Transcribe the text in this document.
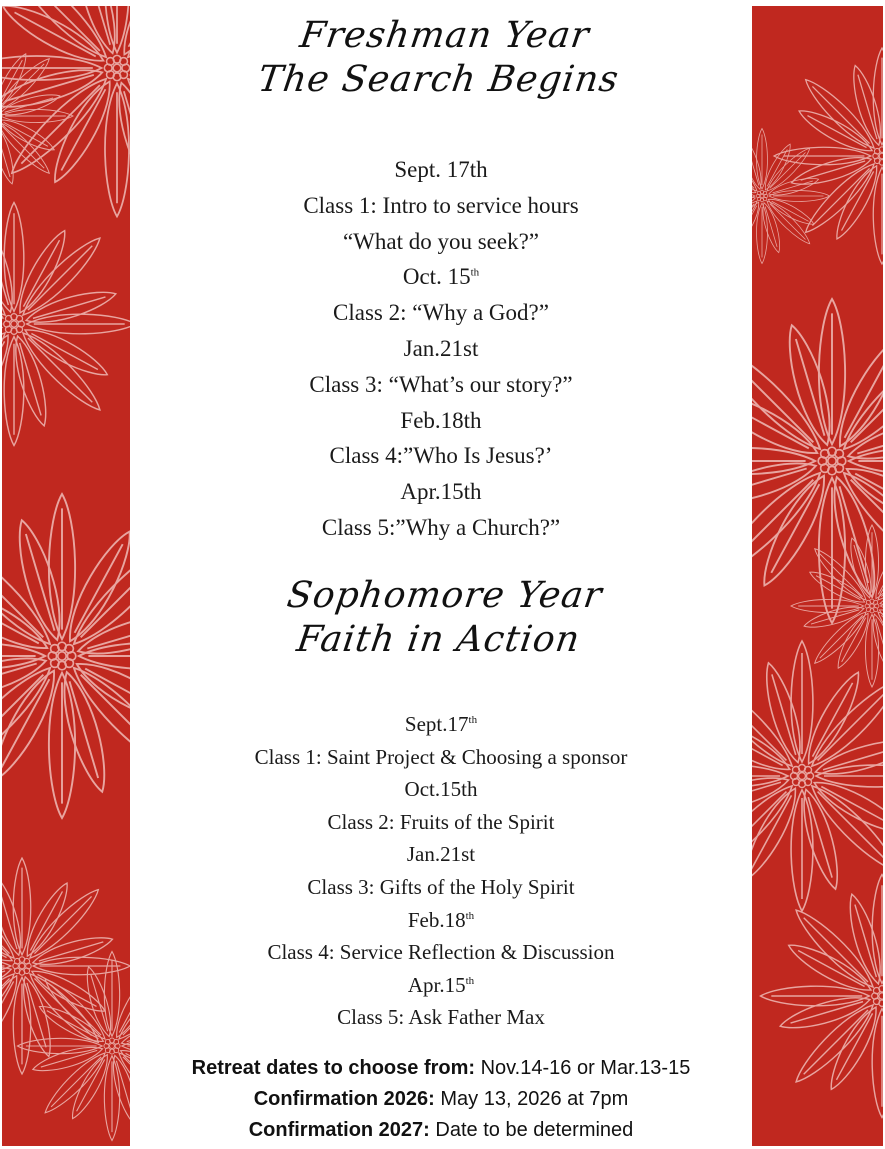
Freshman Year
The Search Begins
Sept. 17th
Class 1: Intro to service hours
“What do you seek?”
Oct. 15th
Class 2: “Why a God?”
Jan.21st
Class 3: “What’s our story?”
Feb.18th
Class 4:”Who Is Jesus?’
Apr.15th
Class 5:”Why a Church?”
Sophomore Year
Faith in Action
Sept.17th
Class 1: Saint Project & Choosing a sponsor
Oct.15th
Class 2: Fruits of the Spirit
Jan.21st
Class 3: Gifts of the Holy Spirit
Feb.18th
Class 4: Service Reflection & Discussion
Apr.15th
Class 5: Ask Father Max
Retreat dates to choose from: Nov.14-16 or Mar.13-15
Confirmation 2026: May 13, 2026 at 7pm
Confirmation 2027: Date to be determined
